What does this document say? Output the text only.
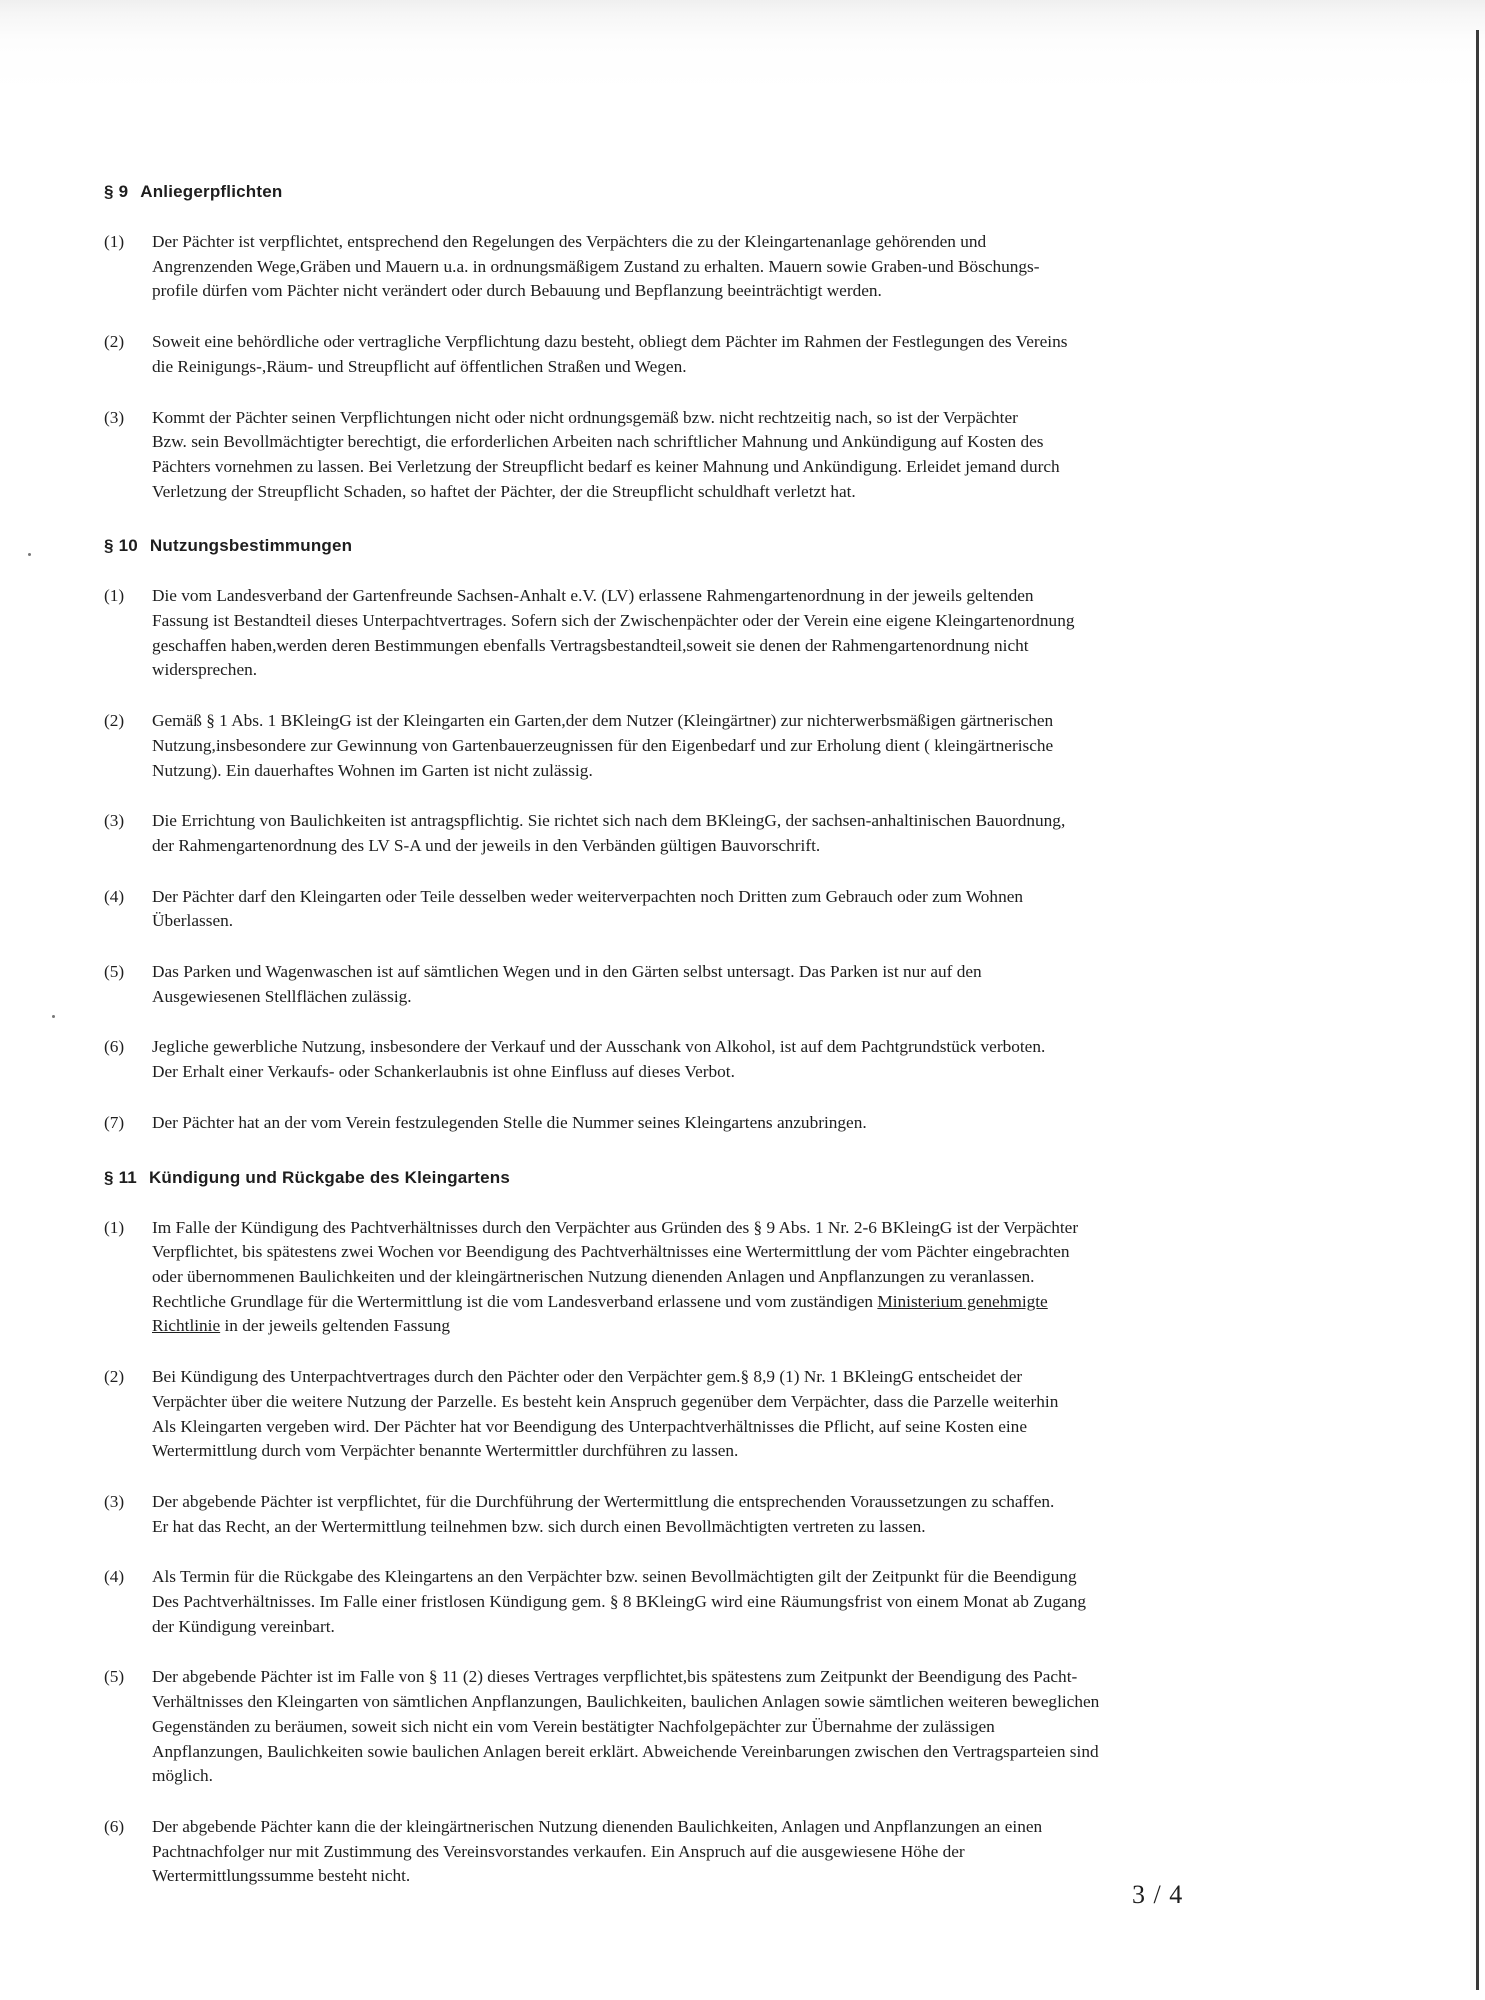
§ 9 Anliegerpflichten
(1)	Der Pächter ist verpflichtet, entsprechend den Regelungen des Verpächters die zu der Kleingartenanlage gehörenden und
Angrenzenden Wege,Gräben und Mauern u.a. in ordnungsmäßigem Zustand zu erhalten. Mauern sowie Graben-und Böschungs-
profile dürfen vom Pächter nicht verändert oder durch Bebauung und Bepflanzung beeinträchtigt werden.
(2)	Soweit eine behördliche oder vertragliche Verpflichtung dazu besteht, obliegt dem Pächter im Rahmen der Festlegungen des Vereins
die Reinigungs-,Räum- und Streupflicht auf öffentlichen Straßen und Wegen.
(3)	Kommt der Pächter seinen Verpflichtungen nicht oder nicht ordnungsgemäß bzw. nicht rechtzeitig nach, so ist der Verpächter
Bzw. sein Bevollmächtigter berechtigt, die erforderlichen Arbeiten nach schriftlicher Mahnung und Ankündigung auf Kosten des
Pächters vornehmen zu lassen. Bei Verletzung der Streupflicht bedarf es keiner Mahnung und Ankündigung. Erleidet jemand durch
Verletzung der Streupflicht Schaden, so haftet der Pächter, der die Streupflicht schuldhaft verletzt hat.
§ 10 Nutzungsbestimmungen
(1)	Die vom Landesverband der Gartenfreunde Sachsen-Anhalt e.V. (LV) erlassene Rahmengartenordnung in der jeweils geltenden
Fassung ist Bestandteil dieses Unterpachtvertrages. Sofern sich der Zwischenpächter oder der Verein eine eigene Kleingartenordnung
geschaffen haben,werden deren Bestimmungen ebenfalls Vertragsbestandteil,soweit sie denen der Rahmengartenordnung nicht
widersprechen.
(2)	Gemäß § 1 Abs. 1 BKleingG ist der Kleingarten ein Garten,der dem Nutzer (Kleingärtner) zur nichterwerbsmäßigen gärtnerischen
Nutzung,insbesondere zur Gewinnung von Gartenbauerzeugnissen für den Eigenbedarf und zur Erholung dient ( kleingärtnerische
Nutzung). Ein dauerhaftes Wohnen im Garten ist nicht zulässig.
(3)	Die Errichtung von Baulichkeiten ist antragspflichtig. Sie richtet sich nach dem BKleingG, der sachsen-anhaltinischen Bauordnung,
der Rahmengartenordnung des LV S-A und der jeweils in den Verbänden gültigen Bauvorschrift.
(4)	Der Pächter darf den Kleingarten oder Teile desselben weder weiterverpachten noch Dritten zum Gebrauch oder zum Wohnen
Überlassen.
(5)	Das Parken und Wagenwaschen ist auf sämtlichen Wegen und in den Gärten selbst untersagt. Das Parken ist nur auf den
Ausgewiesenen Stellflächen zulässig.
(6)	Jegliche gewerbliche Nutzung, insbesondere der Verkauf und der Ausschank von Alkohol, ist auf dem Pachtgrundstück verboten.
Der Erhalt einer Verkaufs- oder Schankerlaubnis ist ohne Einfluss auf dieses Verbot.
(7)	Der Pächter hat an der vom Verein festzulegenden Stelle die Nummer seines Kleingartens anzubringen.
§ 11 Kündigung und Rückgabe des Kleingartens
(1)	Im Falle der Kündigung des Pachtverhältnisses durch den Verpächter aus Gründen des § 9 Abs. 1 Nr. 2-6 BKleingG ist der Verpächter
Verpflichtet, bis spätestens zwei Wochen vor Beendigung des Pachtverhältnisses eine Wertermittlung der vom Pächter eingebrachten
oder übernommenen Baulichkeiten und der kleingärtnerischen Nutzung dienenden Anlagen und Anpflanzungen zu veranlassen.
Rechtliche Grundlage für die Wertermittlung ist die vom Landesverband erlassene und vom zuständigen Ministerium genehmigte
Richtlinie in der jeweils geltenden Fassung
(2)	Bei Kündigung des Unterpachtvertrages durch den Pächter oder den Verpächter gem.§ 8,9 (1) Nr. 1 BKleingG entscheidet der
Verpächter über die weitere Nutzung der Parzelle. Es besteht kein Anspruch gegenüber dem Verpächter, dass die Parzelle weiterhin
Als Kleingarten vergeben wird. Der Pächter hat vor Beendigung des Unterpachtverhältnisses die Pflicht, auf seine Kosten eine
Wertermittlung durch vom Verpächter benannte Wertermittler durchführen zu lassen.
(3)	Der abgebende Pächter ist verpflichtet, für die Durchführung der Wertermittlung die entsprechenden Voraussetzungen zu schaffen.
Er hat das Recht, an der Wertermittlung teilnehmen bzw. sich durch einen Bevollmächtigten vertreten zu lassen.
(4)	Als Termin für die Rückgabe des Kleingartens an den Verpächter bzw. seinen Bevollmächtigten gilt der Zeitpunkt für die Beendigung
Des Pachtverhältnisses. Im Falle einer fristlosen Kündigung gem. § 8 BKleingG wird eine Räumungsfrist von einem Monat ab Zugang
der Kündigung vereinbart.
(5)	Der abgebende Pächter ist im Falle von § 11 (2) dieses Vertrages verpflichtet,bis spätestens zum Zeitpunkt der Beendigung des Pacht-
Verhältnisses den Kleingarten von sämtlichen Anpflanzungen, Baulichkeiten, baulichen Anlagen sowie sämtlichen weiteren beweglichen
Gegenständen zu beräumen, soweit sich nicht ein vom Verein bestätigter Nachfolgepächter zur Übernahme der zulässigen
Anpflanzungen, Baulichkeiten sowie baulichen Anlagen bereit erklärt. Abweichende Vereinbarungen zwischen den Vertragsparteien sind
möglich.
(6)	Der abgebende Pächter kann die der kleingärtnerischen Nutzung dienenden Baulichkeiten, Anlagen und Anpflanzungen an einen
Pachtnachfolger nur mit Zustimmung des Vereinsvorstandes verkaufen. Ein Anspruch auf die ausgewiesene Höhe der
Wertermittlungssumme besteht nicht.
3 / 4
